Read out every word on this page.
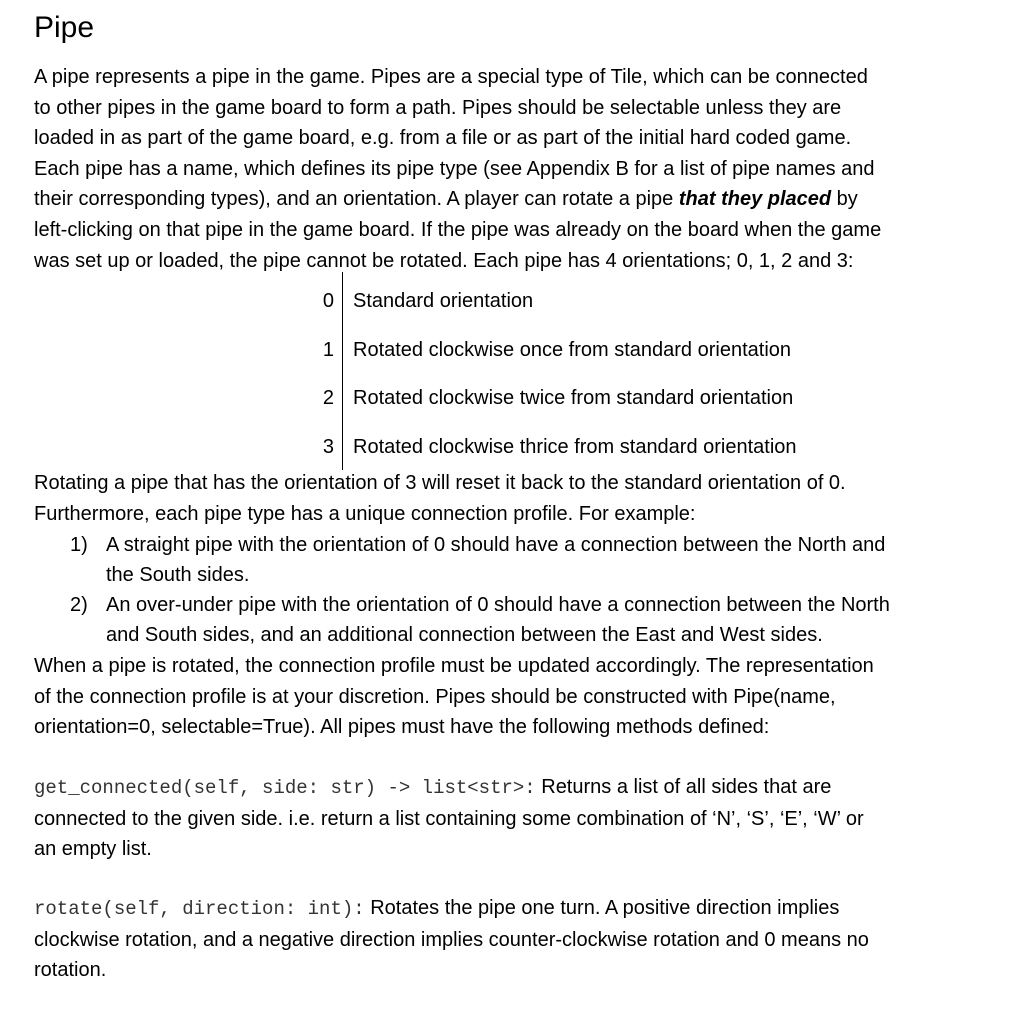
Pipe
A pipe represents a pipe in the game. Pipes are a special type of Tile, which can be connected
to other pipes in the game board to form a path. Pipes should be selectable unless they are
loaded in as part of the game board, e.g. from a file or as part of the initial hard coded game.
Each pipe has a name, which defines its pipe type (see Appendix B for a list of pipe names and
their corresponding types), and an orientation. A player can rotate a pipe that they placed by
left-clicking on that pipe in the game board. If the pipe was already on the board when the game
was set up or loaded, the pipe cannot be rotated. Each pipe has 4 orientations; 0, 1, 2 and 3:
0 Standard orientation
1 Rotated clockwise once from standard orientation
2 Rotated clockwise twice from standard orientation
3 Rotated clockwise thrice from standard orientation
Rotating a pipe that has the orientation of 3 will reset it back to the standard orientation of 0.
Furthermore, each pipe type has a unique connection profile. For example:
1) A straight pipe with the orientation of 0 should have a connection between the North and
the South sides.
2) An over-under pipe with the orientation of 0 should have a connection between the North
and South sides, and an additional connection between the East and West sides.
When a pipe is rotated, the connection profile must be updated accordingly. The representation
of the connection profile is at your discretion. Pipes should be constructed with Pipe(name,
orientation=0, selectable=True). All pipes must have the following methods defined:
get_connected(self, side: str) -> list<str>: Returns a list of all sides that are
connected to the given side. i.e. return a list containing some combination of ‘N’, ‘S’, ‘E’, ‘W’ or
an empty list.
rotate(self, direction: int): Rotates the pipe one turn. A positive direction implies
clockwise rotation, and a negative direction implies counter-clockwise rotation and 0 means no
rotation.
